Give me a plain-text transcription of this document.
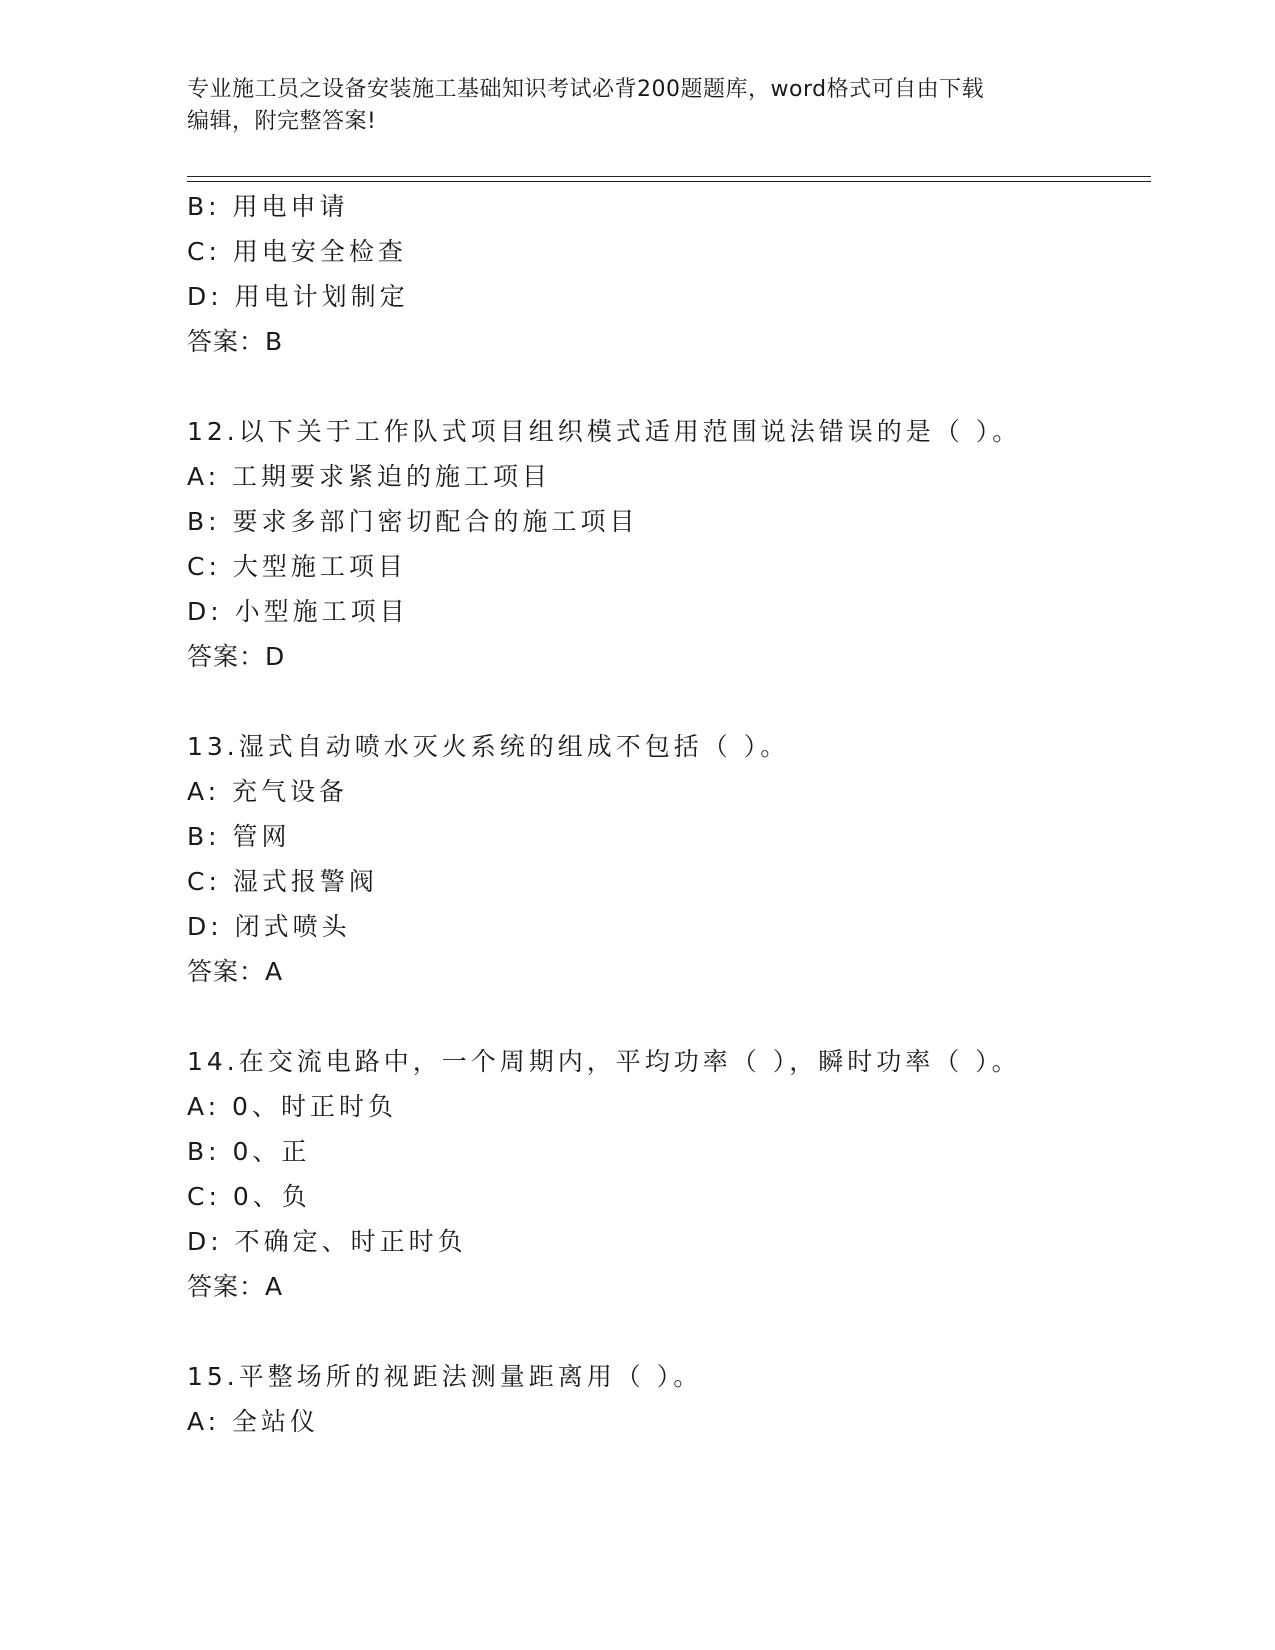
专业施工员之设备安装施工基础知识考试必背200题题库，word格式可自由下载
编辑，附完整答案!
B: 用电申请
C: 用电安全检查
D: 用电计划制定
答案：B
12.以下关于工作队式项目组织模式适用范围说法错误的是（ ）。
A: 工期要求紧迫的施工项目
B: 要求多部门密切配合的施工项目
C: 大型施工项目
D: 小型施工项目
答案：D
13.湿式自动喷水灭火系统的组成不包括（ ）。
A: 充气设备
B: 管网
C: 湿式报警阀
D: 闭式喷头
答案：A
14.在交流电路中，一个周期内，平均功率（ ），瞬时功率（ ）。
A: 0、时正时负
B: 0、正
C: 0、负
D: 不确定、时正时负
答案：A
15.平整场所的视距法测量距离用（ ）。
A: 全站仪
